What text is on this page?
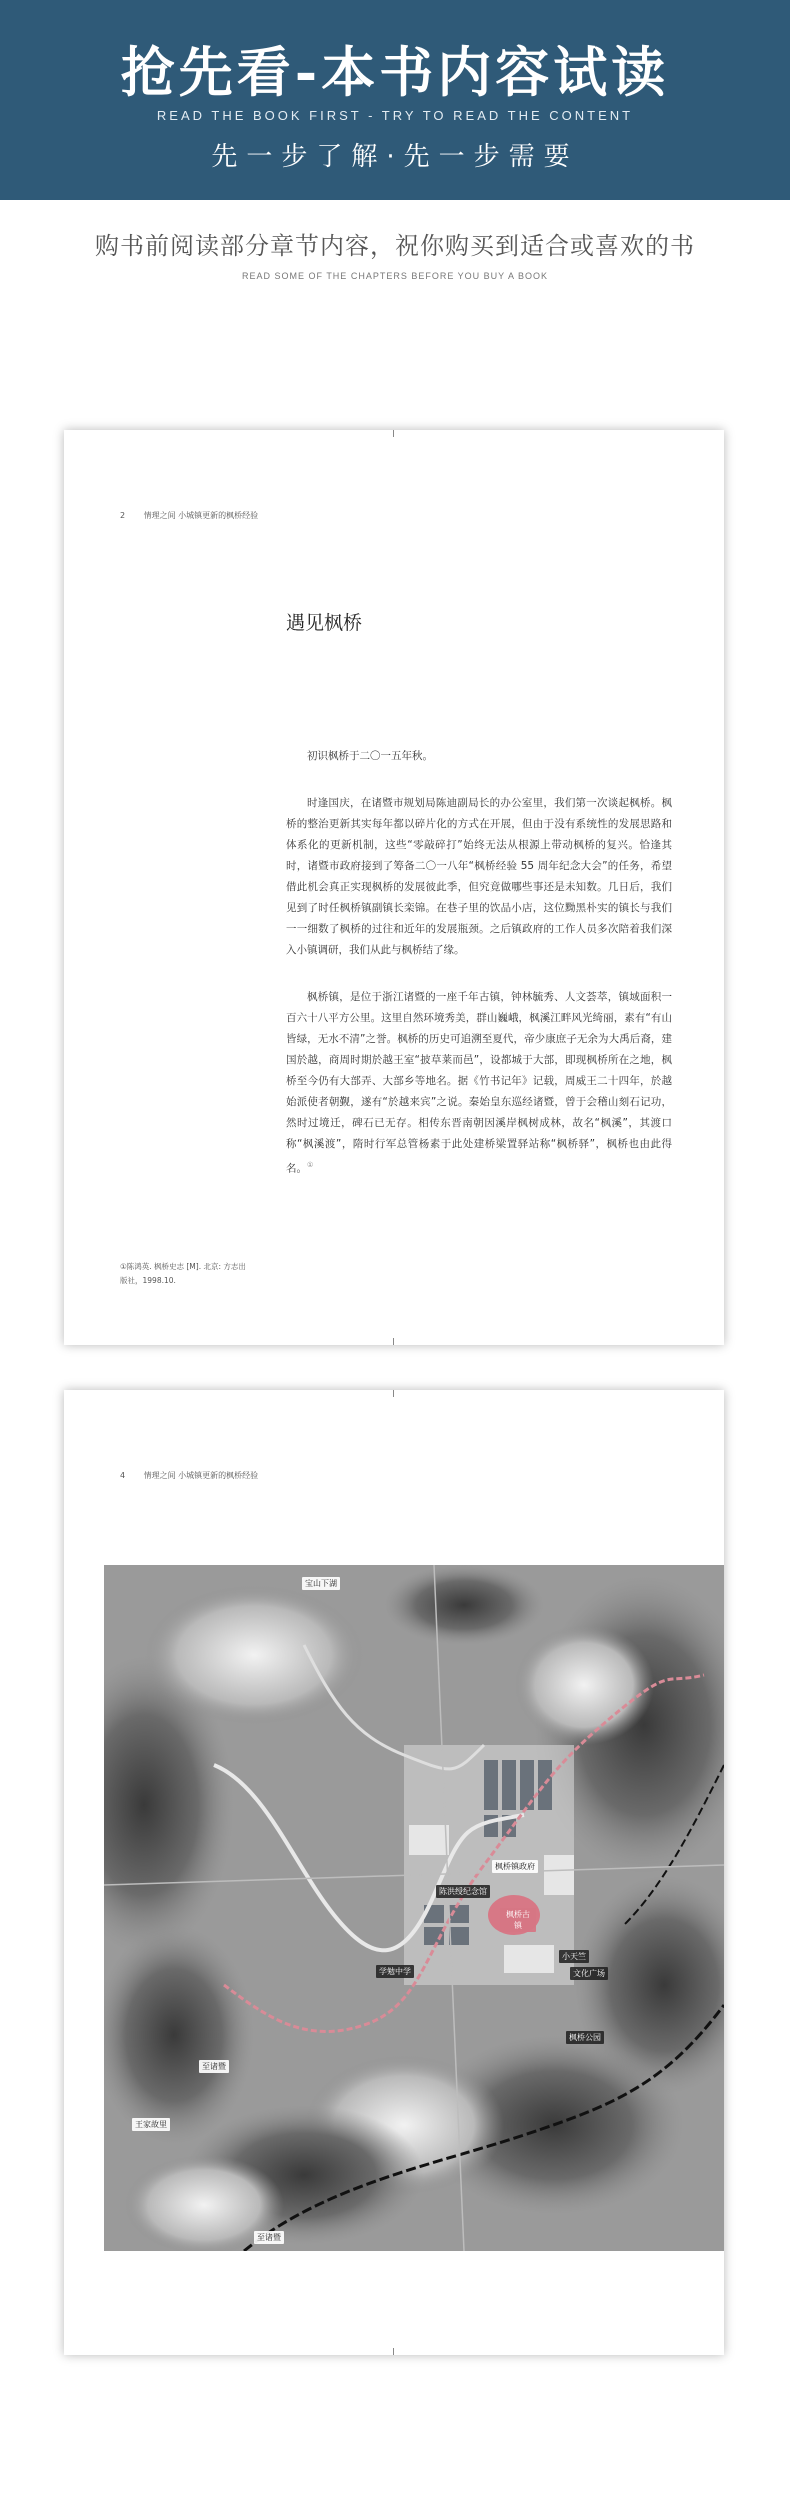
抢先看-本书内容试读
READ THE BOOK FIRST - TRY TO READ THE CONTENT
先一步了解·先一步需要
购书前阅读部分章节内容，祝你购买到适合或喜欢的书
READ SOME OF THE CHAPTERS BEFORE YOU BUY A BOOK
2 情理之间 小城镇更新的枫桥经验
遇见枫桥

初识枫桥于二〇一五年秋。

时逢国庆，在诸暨市规划局陈迪副局长的办公室里，我们第一次谈起枫桥。枫桥的整治更新其实每年都以碎片化的方式在开展，但由于没有系统性的发展思路和体系化的更新机制，这些“零敲碎打”始终无法从根源上带动枫桥的复兴。恰逢其时，诸暨市政府接到了筹备二〇一八年“枫桥经验 55 周年纪念大会”的任务，希望借此机会真正实现枫桥的发展彼此季，但究竟做哪些事还是未知数。几日后，我们见到了时任枫桥镇副镇长栾锦。在巷子里的饮品小店，这位黝黑朴实的镇长与我们一一细数了枫桥的过往和近年的发展瓶颈。之后镇政府的工作人员多次陪着我们深入小镇调研，我们从此与枫桥结了缘。

枫桥镇，是位于浙江诸暨的一座千年古镇，钟林毓秀、人文荟萃，镇域面积一百六十八平方公里。这里自然环境秀美，群山巍峨，枫溪江畔风光绮丽，素有“有山皆绿，无水不清”之誉。枫桥的历史可追溯至夏代，帝少康庶子无余为大禹后裔，建国於越，商周时期於越王室“披草莱而邑”，设都城于大部，即现枫桥所在之地，枫桥至今仍有大部弄、大部乡等地名。据《竹书记年》记载，周威王二十四年，於越始派使者朝觐，遂有“於越来宾”之说。秦始皇东巡经诸暨，曾于会稽山刻石记功，然时过境迁，碑石已无存。相传东晋南朝因溪岸枫树成林，故名“枫溪”，其渡口称“枫溪渡”，隋时行军总管杨素于此处建桥梁置驿站称“枫桥驿”，枫桥也由此得名。①

①陈鸿英. 枫桥史志 [M]. 北京: 方志出版社，1998.10.
4 情理之间 小城镇更新的枫桥经验
宝山下湖
枫桥镇政府
陈洪绶纪念馆
枫桥古镇
小天竺
文化广场
学勉中学
枫桥公园
至诸暨
王家故里
至诸暨
